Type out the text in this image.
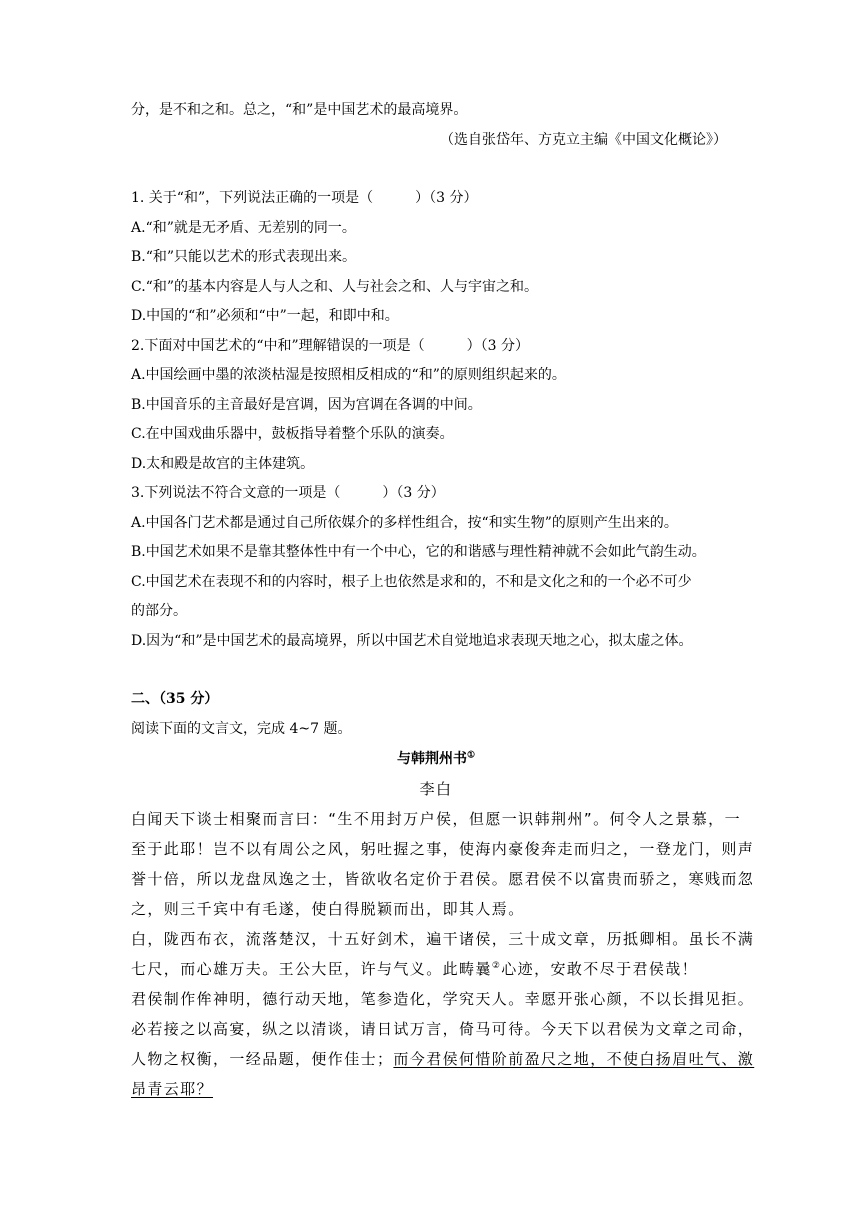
分，是不和之和。总之，“和”是中国艺术的最高境界。
（选自张岱年、方克立主编《中国文化概论》）
1. 关于“和”，下列说法正确的一项是（　　　）（3 分）
A.“和”就是无矛盾、无差别的同一。
B.“和”只能以艺术的形式表现出来。
C.“和”的基本内容是人与人之和、人与社会之和、人与宇宙之和。
D.中国的“和”必须和“中”一起，和即中和。
2.下面对中国艺术的“中和”理解错误的一项是（　　　）（3 分）
A.中国绘画中墨的浓淡枯湿是按照相反相成的“和”的原则组织起来的。
B.中国音乐的主音最好是宫调，因为宫调在各调的中间。
C.在中国戏曲乐器中，鼓板指导着整个乐队的演奏。
D.太和殿是故宫的主体建筑。
3.下列说法不符合文意的一项是（　　　）（3 分）
A.中国各门艺术都是通过自己所依媒介的多样性组合，按“和实生物”的原则产生出来的。
B.中国艺术如果不是靠其整体性中有一个中心，它的和谐感与理性精神就不会如此气韵生动。
C.中国艺术在表现不和的内容时，根子上也依然是求和的，不和是文化之和的一个必不可少
的部分。
D.因为“和”是中国艺术的最高境界，所以中国艺术自觉地追求表现天地之心，拟太虚之体。
二、（35 分）
阅读下面的文言文，完成 4~7 题。
与韩荆州书①
李白
白闻天下谈士相聚而言曰：“生不用封万户侯，但愿一识韩荆州”。何令人之景慕，一
至于此耶！岂不以有周公之风，躬吐握之事，使海内豪俊奔走而归之，一登龙门，则声
誉十倍，所以龙盘凤逸之士，皆欲收名定价于君侯。愿君侯不以富贵而骄之，寒贱而忽
之，则三千宾中有毛遂，使白得脱颖而出，即其人焉。
白，陇西布衣，流落楚汉，十五好剑术，遍干诸侯，三十成文章，历抵卿相。虽长不满
七尺，而心雄万夫。王公大臣，许与气义。此畴曩②心迹，安敢不尽于君侯哉！
君侯制作侔神明，德行动天地，笔参造化，学究天人。幸愿开张心颜，不以长揖见拒。
必若接之以高宴，纵之以清谈，请日试万言，倚马可待。今天下以君侯为文章之司命，
人物之权衡，一经品题，便作佳士；而今君侯何惜阶前盈尺之地，不使白扬眉吐气、激
昂青云耶？
